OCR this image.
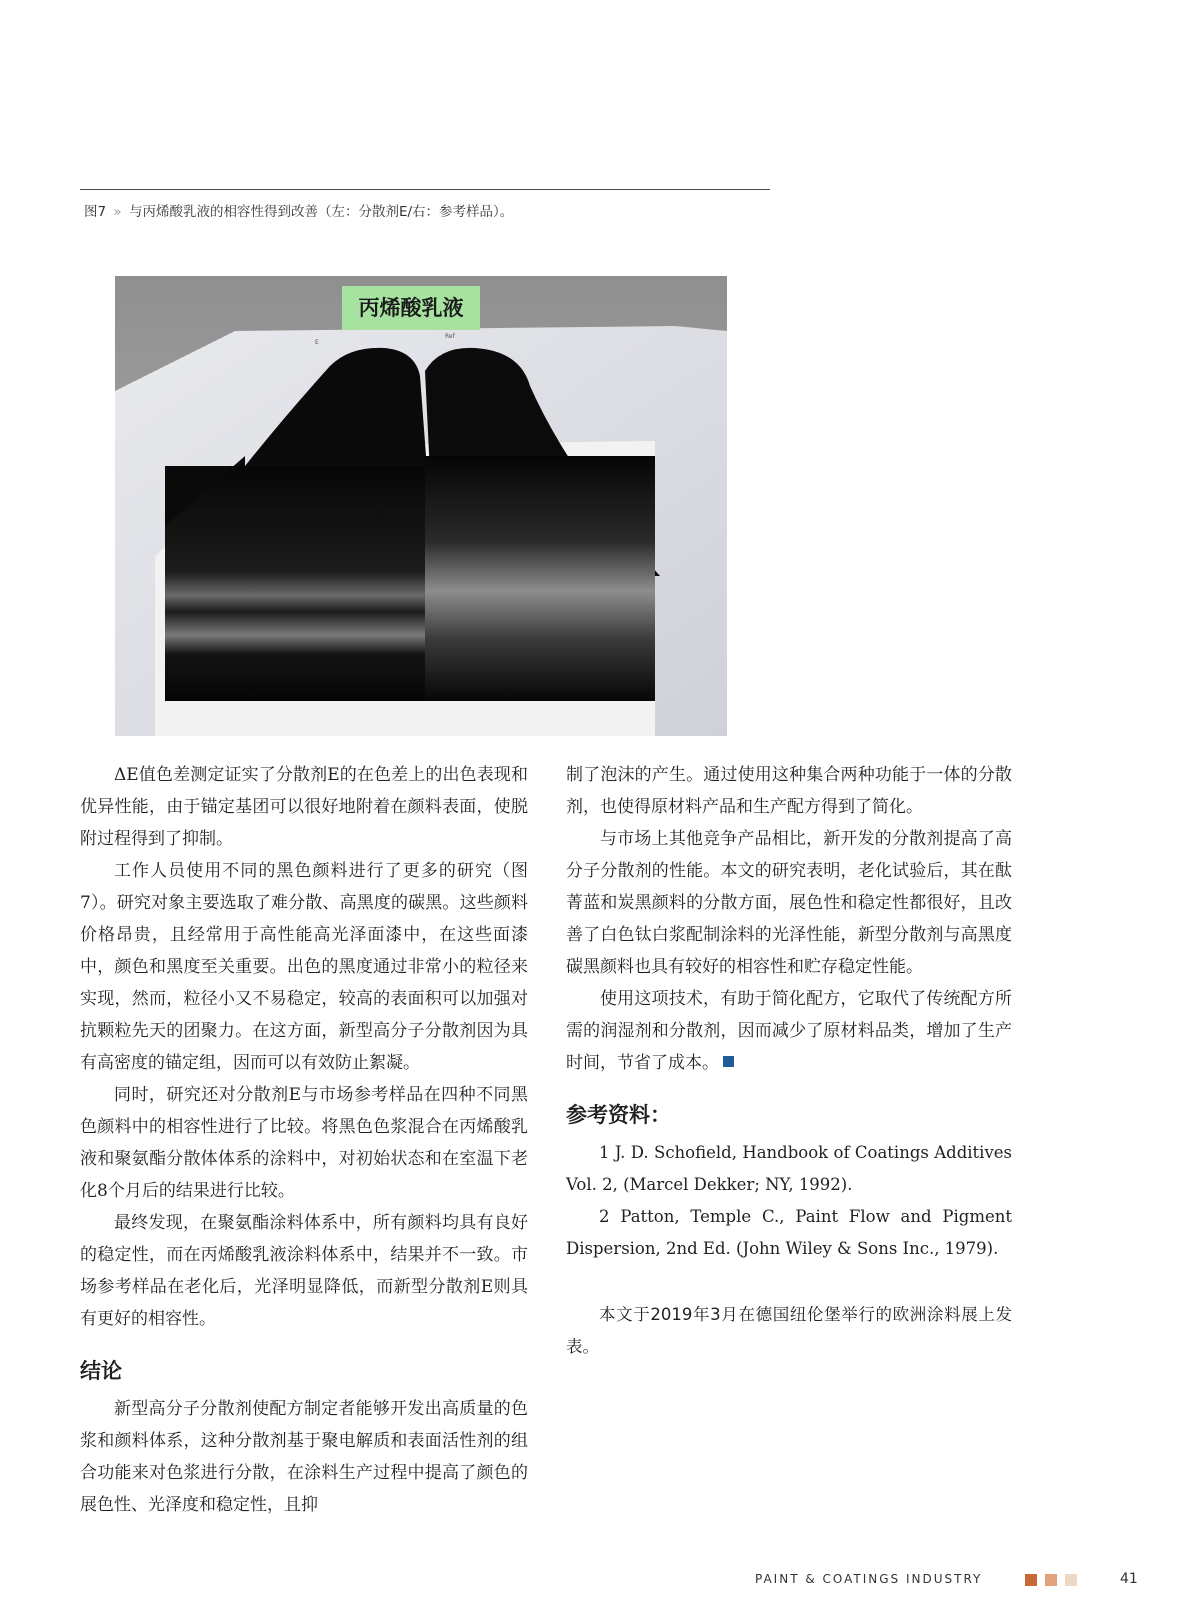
图7 » 与丙烯酸乳液的相容性得到改善（左：分散剂E/右：参考样品）。
E
Ref
丙烯酸乳液

ΔE值色差测定证实了分散剂E的在色差上的出色表现和优异性能，由于锚定基团可以很好地附着在颜料表面，使脱附过程得到了抑制。

工作人员使用不同的黑色颜料进行了更多的研究（图7）。研究对象主要选取了难分散、高黑度的碳黑。这些颜料价格昂贵，且经常用于高性能高光泽面漆中，在这些面漆中，颜色和黑度至关重要。出色的黑度通过非常小的粒径来实现，然而，粒径小又不易稳定，较高的表面积可以加强对抗颗粒先天的团聚力。在这方面，新型高分子分散剂因为具有高密度的锚定组，因而可以有效防止絮凝。

同时，研究还对分散剂E与市场参考样品在四种不同黑色颜料中的相容性进行了比较。将黑色色浆混合在丙烯酸乳液和聚氨酯分散体体系的涂料中，对初始状态和在室温下老化8个月后的结果进行比较。

最终发现，在聚氨酯涂料体系中，所有颜料均具有良好的稳定性，而在丙烯酸乳液涂料体系中，结果并不一致。市场参考样品在老化后，光泽明显降低，而新型分散剂E则具有更好的相容性。

结论

新型高分子分散剂使配方制定者能够开发出高质量的色浆和颜料体系，这种分散剂基于聚电解质和表面活性剂的组合功能来对色浆进行分散，在涂料生产过程中提高了颜色的展色性、光泽度和稳定性，且抑

制了泡沫的产生。通过使用这种集合两种功能于一体的分散剂，也使得原材料产品和生产配方得到了简化。

与市场上其他竞争产品相比，新开发的分散剂提高了高分子分散剂的性能。本文的研究表明，老化试验后，其在酞菁蓝和炭黑颜料的分散方面，展色性和稳定性都很好，且改善了白色钛白浆配制涂料的光泽性能，新型分散剂与高黑度碳黑颜料也具有较好的相容性和贮存稳定性能。

使用这项技术，有助于简化配方，它取代了传统配方所需的润湿剂和分散剂，因而减少了原材料品类，增加了生产时间，节省了成本。

参考资料：

1 J. D. Schofield, Handbook of Coatings Additives Vol. 2, (Marcel Dekker; NY, 1992).

2 Patton, Temple C., Paint Flow and Pigment Dispersion, 2nd Ed. (John Wiley & Sons Inc., 1979).

本文于2019年3月在德国纽伦堡举行的欧洲涂料展上发表。

PAINT & COATINGS INDUSTRY	41
